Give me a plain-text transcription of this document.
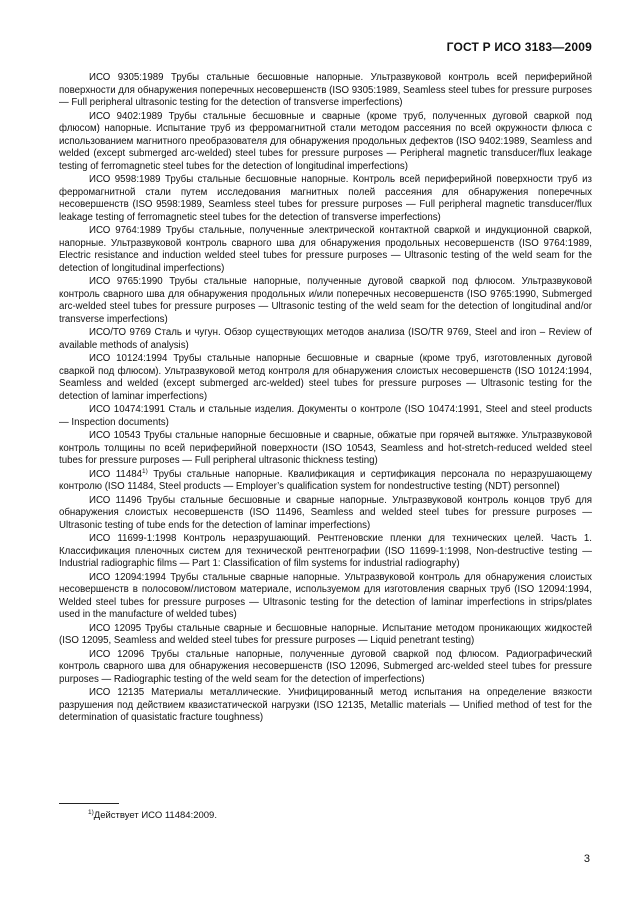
ГОСТ Р ИСО 3183—2009

ИСО 9305:1989 Трубы стальные бесшовные напорные. Ультразвуковой контроль всей периферийной поверхности для обнаружения поперечных несовершенств (ISO 9305:1989, Seamless steel tubes for pressure purposes — Full peripheral ultrasonic testing for the detection of transverse imperfections)

ИСО 9402:1989 Трубы стальные бесшовные и сварные (кроме труб, полученных дуговой сваркой под флюсом) напорные. Испытание труб из ферромагнитной стали методом рассеяния по всей окружности флюса с использованием магнитного преобразователя для обнаружения продольных дефектов (ISO 9402:1989, Seamless and welded (except submerged arc-welded) steel tubes for pressure purposes — Peripheral magnetic transducer/flux leakage testing of ferromagnetic steel tubes for the detection of longitudinal imperfections)

ИСО 9598:1989 Трубы стальные бесшовные напорные. Контроль всей периферийной поверхности труб из ферромагнитной стали путем исследования магнитных полей рассеяния для обнаружения поперечных несовершенств (ISO 9598:1989, Seamless steel tubes for pressure purposes — Full peripheral magnetic transducer/flux leakage testing of ferromagnetic steel tubes for the detection of transverse imperfections)

ИСО 9764:1989 Трубы стальные, полученные электрической контактной сваркой и индукционной сваркой, напорные. Ультразвуковой контроль сварного шва для обнаружения продольных несовершенств (ISO 9764:1989, Electric resistance and induction welded steel tubes for pressure purposes — Ultrasonic testing of the weld seam for the detection of longitudinal imperfections)

ИСО 9765:1990 Трубы стальные напорные, полученные дуговой сваркой под флюсом. Ультразвуковой контроль сварного шва для обнаружения продольных и/или поперечных несовершенств (ISO 9765:1990, Submerged arc-welded steel tubes for pressure purposes — Ultrasonic testing of the weld seam for the detection of longitudinal and/or transverse imperfections)

ИСО/ТО 9769 Сталь и чугун. Обзор существующих методов анализа (ISO/TR 9769, Steel and iron – Review of available methods of analysis)

ИСО 10124:1994 Трубы стальные напорные бесшовные и сварные (кроме труб, изготовленных дуговой сваркой под флюсом). Ультразвуковой метод контроля для обнаружения слоистых несовершенств (ISO 10124:1994, Seamless and welded (except submerged arc-welded) steel tubes for pressure purposes — Ultrasonic testing for the detection of laminar imperfections)

ИСО 10474:1991 Сталь и стальные изделия. Документы о контроле (ISO 10474:1991, Steel and steel products — Inspection documents)

ИСО 10543 Трубы стальные напорные бесшовные и сварные, обжатые при горячей вытяжке. Ультразвуковой контроль толщины по всей периферийной поверхности (ISO 10543, Seamless and hot-stretch-reduced welded steel tubes for pressure purposes — Full peripheral ultrasonic thickness testing)

ИСО 11484$^{1)}$ Трубы стальные напорные. Квалификация и сертификация персонала по неразрушающему контролю (ISO 11484, Steel products — Employer’s qualification system for nondestructive testing (NDT) personnel)

ИСО 11496 Трубы стальные бесшовные и сварные напорные. Ультразвуковой контроль концов труб для обнаружения слоистых несовершенств (ISO 11496, Seamless and welded steel tubes for pressure purposes — Ultrasonic testing of tube ends for the detection of laminar imperfections)

ИСО 11699-1:1998 Контроль неразрушающий. Рентгеновские пленки для технических целей. Часть 1. Классификация пленочных систем для технической рентгенографии (ISO 11699-1:1998, Non-destructive testing — Industrial radiographic films — Part 1: Classification of film systems for industrial radiography)

ИСО 12094:1994 Трубы стальные сварные напорные. Ультразвуковой контроль для обнаружения слоистых несовершенств в полосовом/листовом материале, используемом для изготовления сварных труб (ISO 12094:1994, Welded steel tubes for pressure purposes — Ultrasonic testing for the detection of laminar imperfections in strips/plates used in the manufacture of welded tubes)

ИСО 12095 Трубы стальные сварные и бесшовные напорные. Испытание методом проникающих жидкостей (ISO 12095, Seamless and welded steel tubes for pressure purposes — Liquid penetrant testing)

ИСО 12096 Трубы стальные напорные, полученные дуговой сваркой под флюсом. Радиографический контроль сварного шва для обнаружения несовершенств (ISO 12096, Submerged arc-welded steel tubes for pressure purposes — Radiographic testing of the weld seam for the detection of imperfections)

ИСО 12135 Материалы металлические. Унифицированный метод испытания на определение вязкости разрушения под действием квазистатической нагрузки (ISO 12135, Metallic materials — Unified method of test for the determination of quasistatic fracture toughness)

$^{1)}$Действует ИСО 11484:2009.
3
